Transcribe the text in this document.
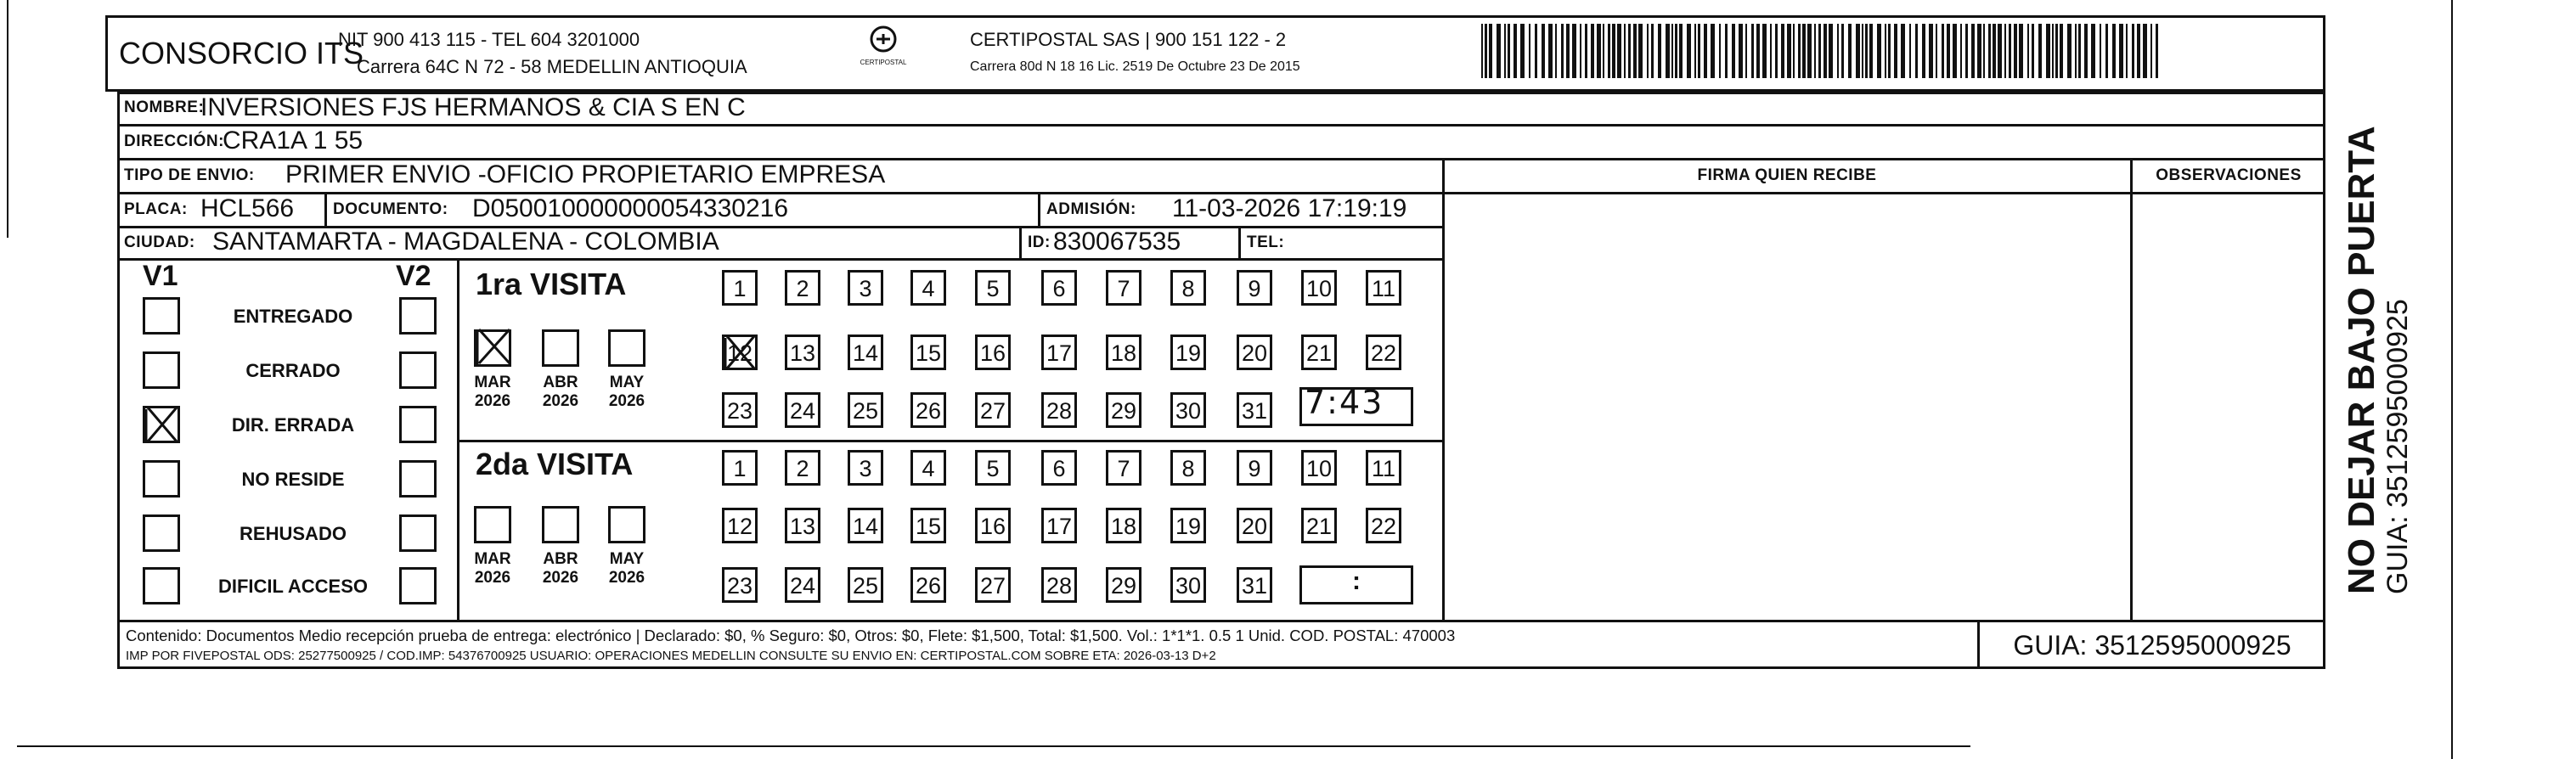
CONSORCIO ITS
NIT 900 413 115 - TEL 604 3201000
Carrera 64C N 72 - 58 MEDELLIN ANTIOQUIA	CERTIPOSTAL
CERTIPOSTAL SAS | 900 151 122 - 2
Carrera 80d N 18 16 Lic. 2519 De Octubre 23 De 2015
NOMBRE:
INVERSIONES FJS HERMANOS & CIA S EN C
DIRECCIÓN:
CRA1A 1 55
TIPO DE ENVIO: PRIMER ENVIO -OFICIO PROPIETARIO EMPRESA	FIRMA QUIEN RECIBE	OBSERVACIONES
PLACA: HCL566 DOCUMENTO: D050010000000054330216	ADMISIÓN: 11-03-2026 17:19:19
CIUDAD: SANTAMARTA - MAGDALENA - COLOMBIA	ID: 830067535	TEL:
V1	V2 1ra VISITA
7:43
2da VISITA
:
Contenido: Documentos Medio recepción prueba de entrega: electrónico | Declarado: $0, % Seguro: $0, Otros: $0, Flete: $1,500, Total: $1,500. Vol.: 1*1*1. 0.5 1 Unid. COD. POSTAL: 470003
IMP POR FIVEPOSTAL ODS: 25277500925 / COD.IMP: 54376700925 USUARIO: OPERACIONES MEDELLIN CONSULTE SU ENVIO EN: CERTIPOSTAL.COM SOBRE ETA: 2026-03-13 D+2	GUIA: 3512595000925
NO DEJAR BAJO PUERTA GUIA: 3512595000925
ENTREGADO
CERRADO
DIR. ERRADA
NO RESIDE
REHUSADO
DIFICIL ACCESO
MAR
2026
ABR
2026
MAY
2026
MAR
2026
ABR
2026
MAY
2026
1	2	3	4	5	6	7	8	9	10 11
12 13 14 15 16 17 18 19 20 21 22
23 24 25 26 27 28 29 30 31
1	2	3	4	5	6	7	8	9	10 11
12 13 14 15 16 17 18 19 20 21 22
23 24 25 26 27 28 29 30 31
